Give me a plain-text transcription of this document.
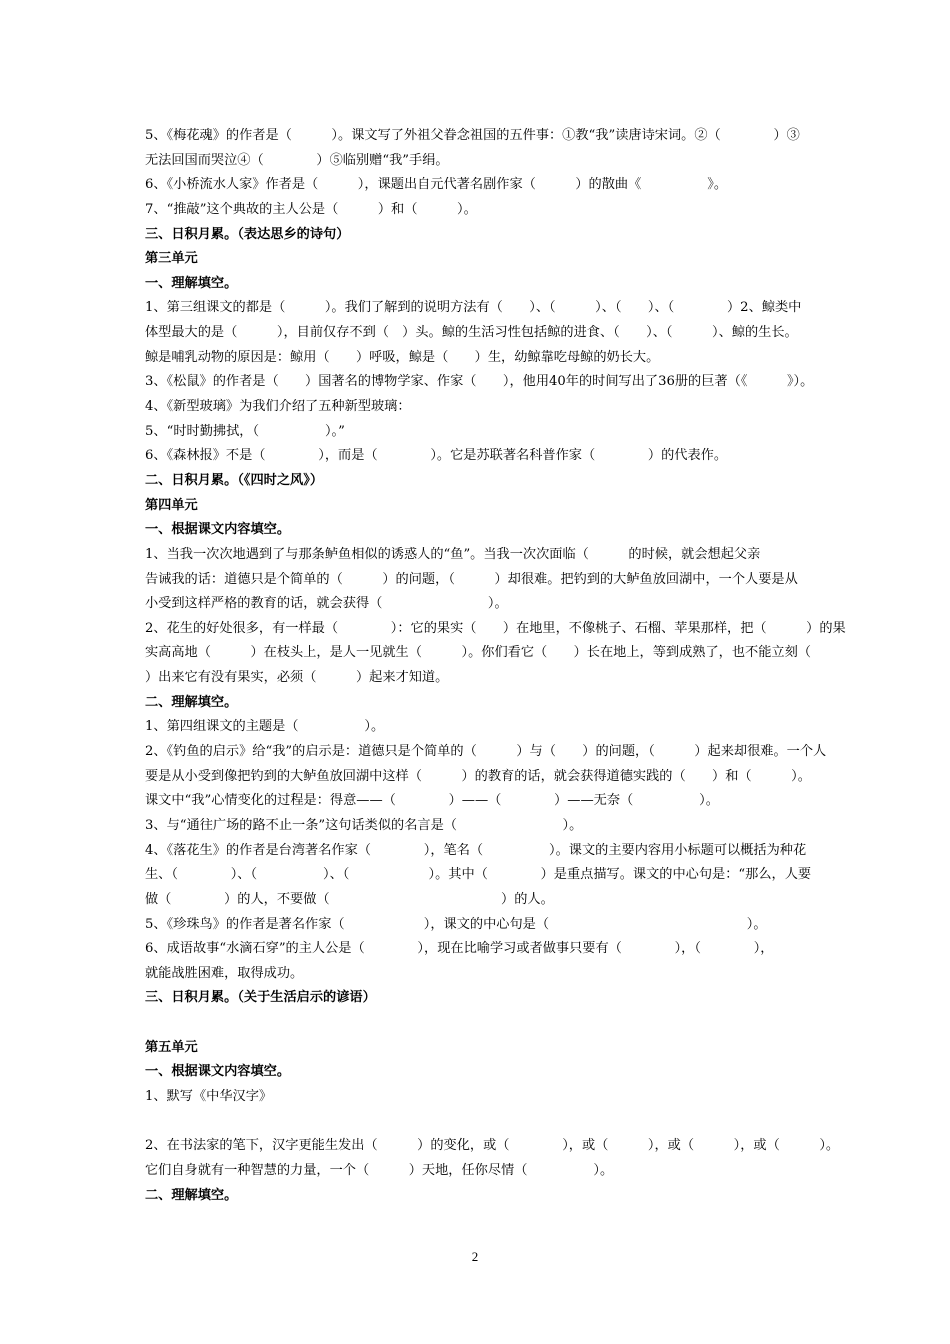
5、《梅花魂》的作者是（　　　）。课文写了外祖父眷念祖国的五件事：①教“我”读唐诗宋词。②（　　　　）③
无法回国而哭泣④（　　　　）⑤临别赠“我”手绢。
6、《小桥流水人家》作者是（　　　），课题出自元代著名剧作家（　　　）的散曲《　　　　　》。
7、“推敲”这个典故的主人公是（　　　）和（　　　）。
三、日积月累。（表达思乡的诗句）
第三单元
一、理解填空。
1、第三组课文的都是（　　　）。我们了解到的说明方法有（　　）、（　　　）、（　　）、（　　　　）2、鲸类中
体型最大的是（　　　），目前仅存不到（　）头。鲸的生活习性包括鲸的进食、（　　）、（　　　）、鲸的生长。
鲸是哺乳动物的原因是：鲸用（　　）呼吸，鲸是（　　）生，幼鲸靠吃母鲸的奶长大。
3、《松鼠》的作者是（　　）国著名的博物学家、作家（　　），他用40年的时间写出了36册的巨著（《　　　》）。
4、《新型玻璃》为我们介绍了五种新型玻璃：
5、“时时勤拂拭，（　　　　　）。”
6、《森林报》不是（　　　　），而是（　　　　）。它是苏联著名科普作家（　　　　）的代表作。
二、日积月累。（《四时之风》）
第四单元
一、根据课文内容填空。
1、当我一次次地遇到了与那条鲈鱼相似的诱惑人的“鱼”。当我一次次面临（　　　的时候，就会想起父亲
告诫我的话：道德只是个简单的（　　　）的问题，（　　　）却很难。把钓到的大鲈鱼放回湖中，一个人要是从
小受到这样严格的教育的话，就会获得（　　　　　　　　）。
2、花生的好处很多，有一样最（　　　　）：它的果实（　　）在地里，不像桃子、石榴、苹果那样，把（　　　）的果
实高高地（　　　）在枝头上，是人一见就生（　　　）。你们看它（　　）长在地上，等到成熟了，也不能立刻（
）出来它有没有果实，必须（　　　）起来才知道。
二、理解填空。
1、第四组课文的主题是（　　　　　）。
2、《钓鱼的启示》给“我”的启示是：道德只是个简单的（　　　）与（　　）的问题，（　　　）起来却很难。一个人
要是从小受到像把钓到的大鲈鱼放回湖中这样（　　　）的教育的话，就会获得道德实践的（　　）和（　　　）。
课文中“我”心情变化的过程是：得意——（　　　　）——（　　　　）——无奈（　　　　　）。
3、与“通往广场的路不止一条”这句话类似的名言是（　　　　　　　　）。
4、《落花生》的作者是台湾著名作家（　　　　），笔名（　　　　　）。课文的主要内容用小标题可以概括为种花
生、（　　　　）、（　　　　　）、（　　　　　　）。其中（　　　　）是重点描写。课文的中心句是：“那么，人要
做（　　　　）的人，不要做（　　　　　　　　　　　　　）的人。
5、《珍珠鸟》的作者是著名作家（　　　　　　），课文的中心句是（　　　　　　　　　　　　　　　）。
6、成语故事“水滴石穿”的主人公是（　　　　），现在比喻学习或者做事只要有（　　　　），（　　　　），
就能战胜困难，取得成功。
三、日积月累。（关于生活启示的谚语）
第五单元
一、根据课文内容填空。
1、默写《中华汉字》
2、在书法家的笔下，汉字更能生发出（　　　）的变化，或（　　　　），或（　　　），或（　　　），或（　　　）。
它们自身就有一种智慧的力量，一个（　　　）天地，任你尽情（　　　　　）。
二、理解填空。
2
